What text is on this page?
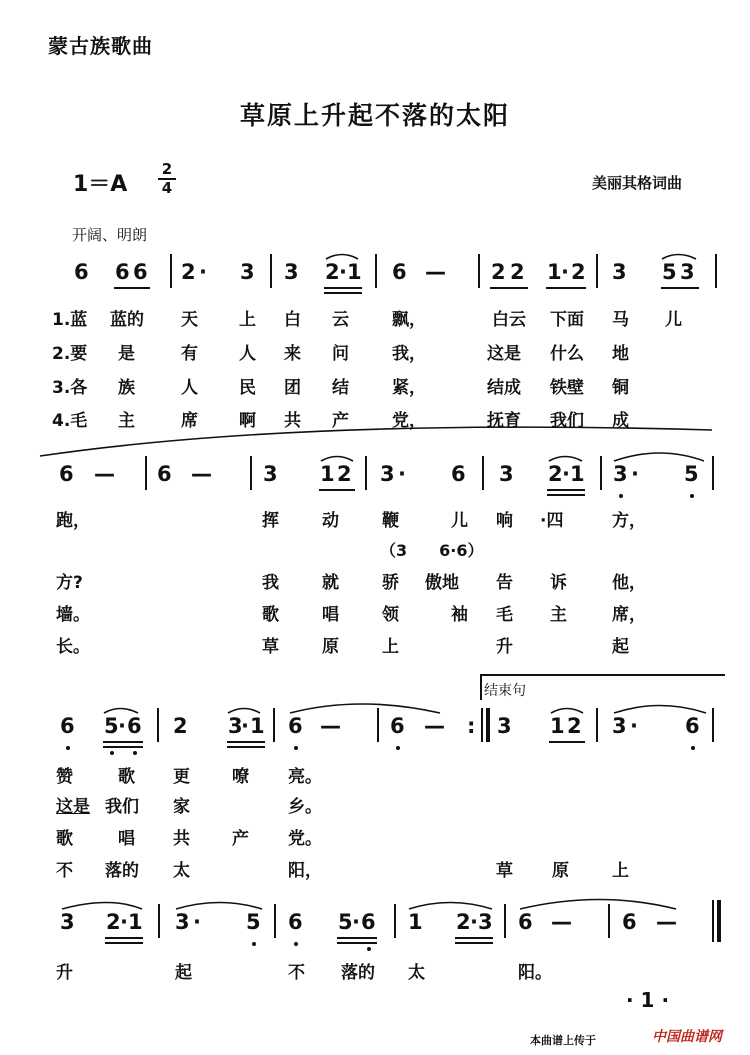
蒙古族歌曲
草原上升起不落的太阳
1＝A
2
4	美丽其格词曲
开阔、明朗
6 6 6 2 · 3 3 2 · 1 6 — 2 2 1 · 2 3 5 3
1.蓝 蓝的 天 上 白 云	飘，	白云 下面 马 儿
2.要 是	有 人 来 问	我，	这是 什么 地
3.各 族	人 民 团 结	紧，	结成 铁壁 铜
4.毛 主	席 啊 共 产	党，	抚育 我们 成
6 — 6 — 3 1 2 3 · 6 3 2 · 1 3 · 5
跑，	挥	动	鞭	儿 响 ·四	方，
（3　　6·6）
方?	我	就	骄 傲地 告 诉	他，
墙。	歌	唱	领	袖 毛 主	席，
长。	草	原	上	升	起
结束句
6 5 · 6 2 3
· 1 6 — 6 — : 3 1 2 3 · 6
赞	歌 更 嘹 亮。
这是 我们 家	乡。
歌	唱 共 产 党。
不 落的 太	阳，	草 原	上
3 2 · 1 3 · 5 6 5 · 6 1 2 · 3 6 — 6 —
升	起	不 落的 太	阳。
· 1 ·
本曲谱上传于	中国曲谱网
